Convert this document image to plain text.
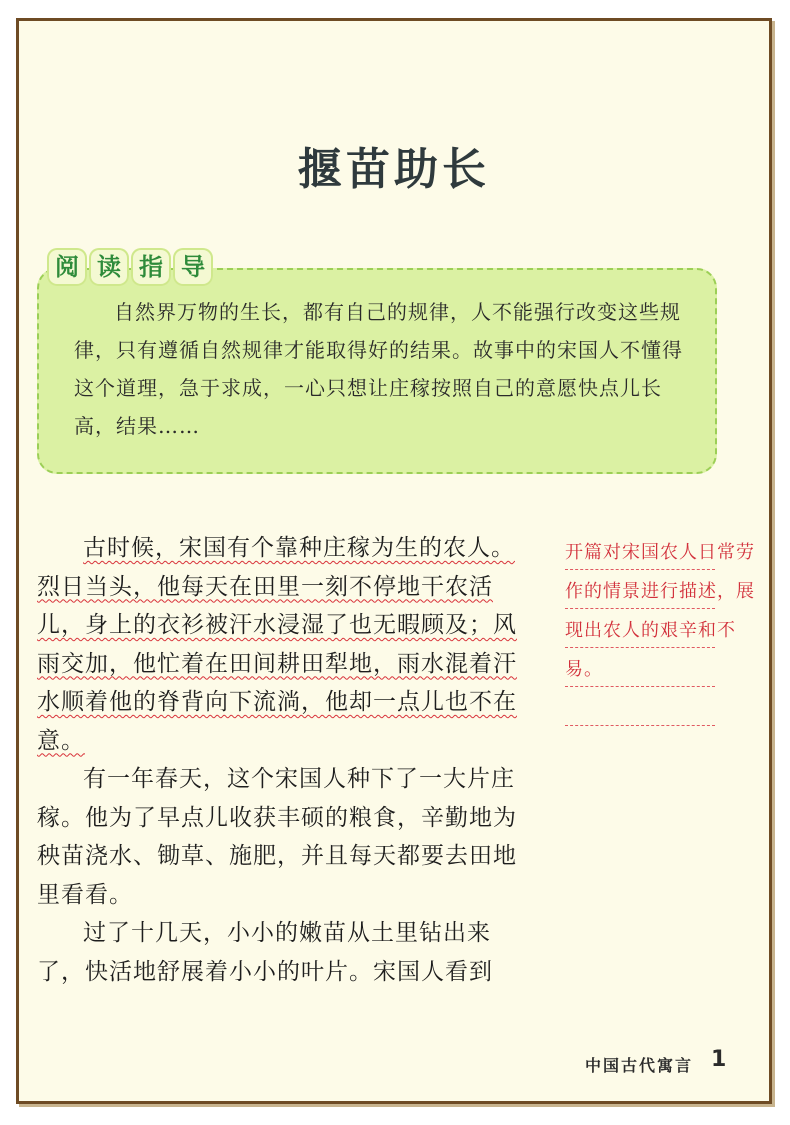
揠苗助长
阅 读 指 导

自然界万物的生长，都有自己的规律，人不能强行改变这些规律，只有遵循自然规律才能取得好的结果。故事中的宋国人不懂得这个道理，急于求成，一心只想让庄稼按照自己的意愿快点儿长高，结果……

古时候，宋国有个靠种庄稼为生的农人。烈日当头，他每天在田里一刻不停地干农活儿，身上的衣衫被汗水浸湿了也无暇顾及；风雨交加，他忙着在田间耕田犁地，雨水混着汗水顺着他的脊背向下流淌，他却一点儿也不在意。

有一年春天，这个宋国人种下了一大片庄稼。他为了早点儿收获丰硕的粮食，辛勤地为秧苗浇水、锄草、施肥，并且每天都要去田地里看看。

过了十几天，小小的嫩苗从土里钻出来了，快活地舒展着小小的叶片。宋国人看到

开篇对宋国农人日常劳作的情景进行描述，展现出农人的艰辛和不易。
中国古代寓言 1
